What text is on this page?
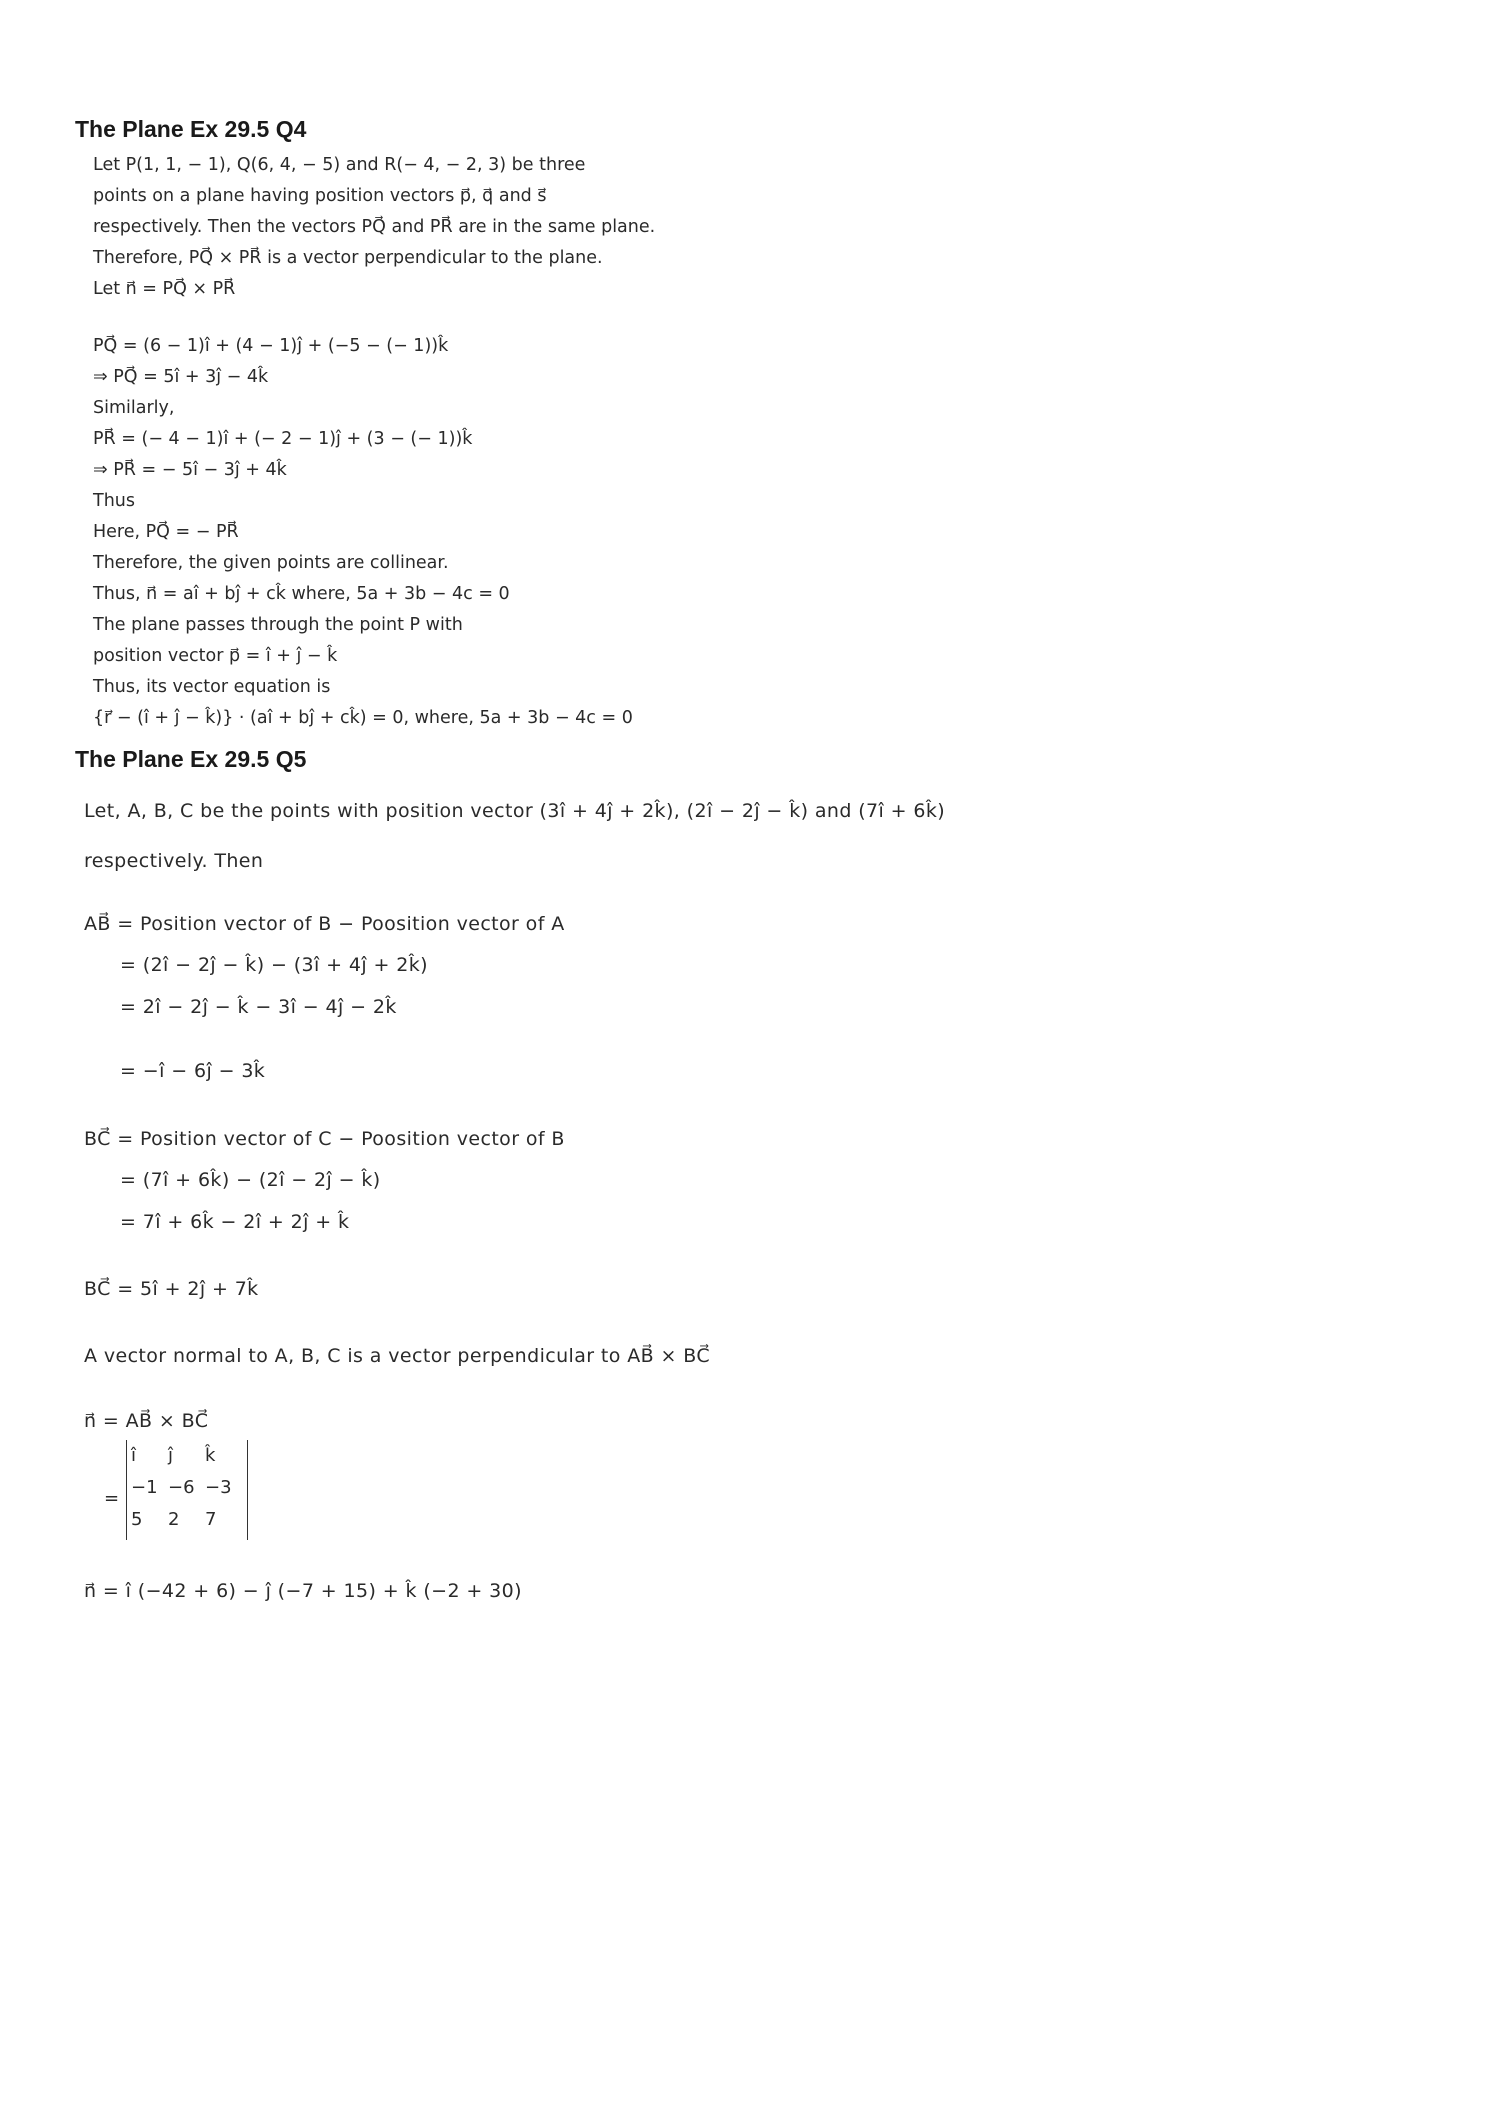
The Plane Ex 29.5 Q4
Let P(1, 1, − 1), Q(6, 4, − 5) and R(− 4, − 2, 3) be three
points on a plane having position vectors p⃗, q⃗ and s⃗
respectively. Then the vectors PQ⃗ and PR⃗ are in the same plane.
Therefore, PQ⃗ × PR⃗ is a vector perpendicular to the plane.
Let n⃗ = PQ⃗ × PR⃗
PQ⃗ = (6 − 1)î + (4 − 1)ĵ + (−5 − (− 1))k̂
⇒ PQ⃗ = 5î + 3ĵ − 4k̂
Similarly,
PR⃗ = (− 4 − 1)î + (− 2 − 1)ĵ + (3 − (− 1))k̂
⇒ PR⃗ = − 5î − 3ĵ + 4k̂
Thus
Here, PQ⃗ = − PR⃗
Therefore, the given points are collinear.
Thus, n⃗ = aî + bĵ + ck̂ where, 5a + 3b − 4c = 0
The plane passes through the point P with
position vector p⃗ = î + ĵ − k̂
Thus, its vector equation is
{r⃗ − (î + ĵ − k̂)} · (aî + bĵ + ck̂) = 0, where, 5a + 3b − 4c = 0
The Plane Ex 29.5 Q5
Let, A, B, C be the points with position vector (3î + 4ĵ + 2k̂), (2î − 2ĵ − k̂) and (7î + 6k̂)
respectively. Then
AB⃗ = Position vector of B − Poosition vector of A
= (2î − 2ĵ − k̂) − (3î + 4ĵ + 2k̂)
= 2î − 2ĵ − k̂ − 3î − 4ĵ − 2k̂
= −î − 6ĵ − 3k̂
BC⃗ = Position vector of C − Poosition vector of B
= (7î + 6k̂) − (2î − 2ĵ − k̂)
= 7î + 6k̂ − 2î + 2ĵ + k̂
BC⃗ = 5î + 2ĵ + 7k̂
A vector normal to A, B, C is a vector perpendicular to AB⃗ × BC⃗
n⃗ = AB⃗ × BC⃗
=
î	ĵ	k̂
−1 −6 −3
5	2	7
n⃗ = î (−42 + 6) − ĵ (−7 + 15) + k̂ (−2 + 30)
